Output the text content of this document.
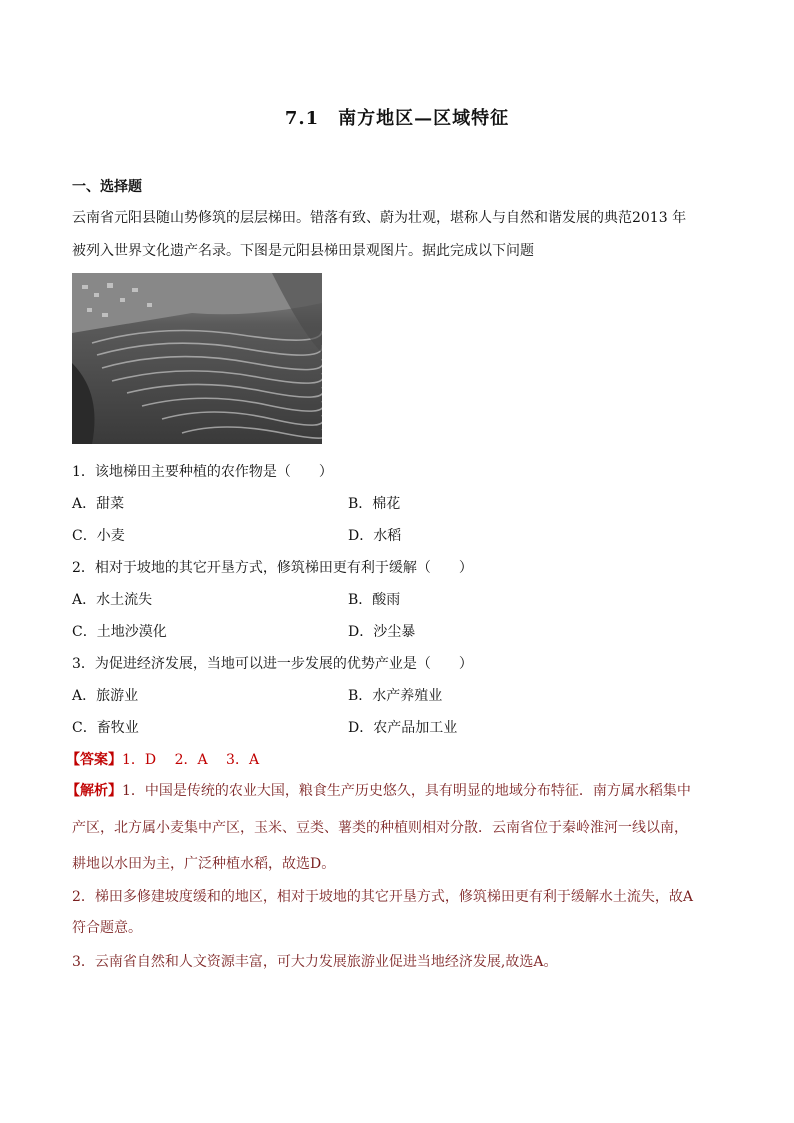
7.1　南方地区—区域特征
一、选择题
云南省元阳县随山势修筑的层层梯田。错落有致、蔚为壮观，堪称人与自然和谐发展的典范2013 年
被列入世界文化遗产名录。下图是元阳县梯田景观图片。据此完成以下问题
1．该地梯田主要种植的农作物是（　　）
A．甜菜	B．棉花
C．小麦	D．水稻
2．相对于坡地的其它开垦方式，修筑梯田更有利于缓解（　　）
A．水土流失	B．酸雨
C．土地沙漠化	D．沙尘暴
3．为促进经济发展，当地可以进一步发展的优势产业是（　　）
A．旅游业	B．水产养殖业
C．畜牧业	D．农产品加工业
【答案】1．D　 2．A　 3．A
【解析】1．中国是传统的农业大国，粮食生产历史悠久，具有明显的地域分布特征．南方属水稻集中
产区，北方属小麦集中产区，玉米、豆类、薯类的种植则相对分散．云南省位于秦岭淮河一线以南，
耕地以水田为主，广泛种植水稻，故选D。
2．梯田多修建坡度缓和的地区，相对于坡地的其它开垦方式，修筑梯田更有利于缓解水土流失，故A
符合题意。
3．云南省自然和人文资源丰富，可大力发展旅游业促进当地经济发展,故选A。
